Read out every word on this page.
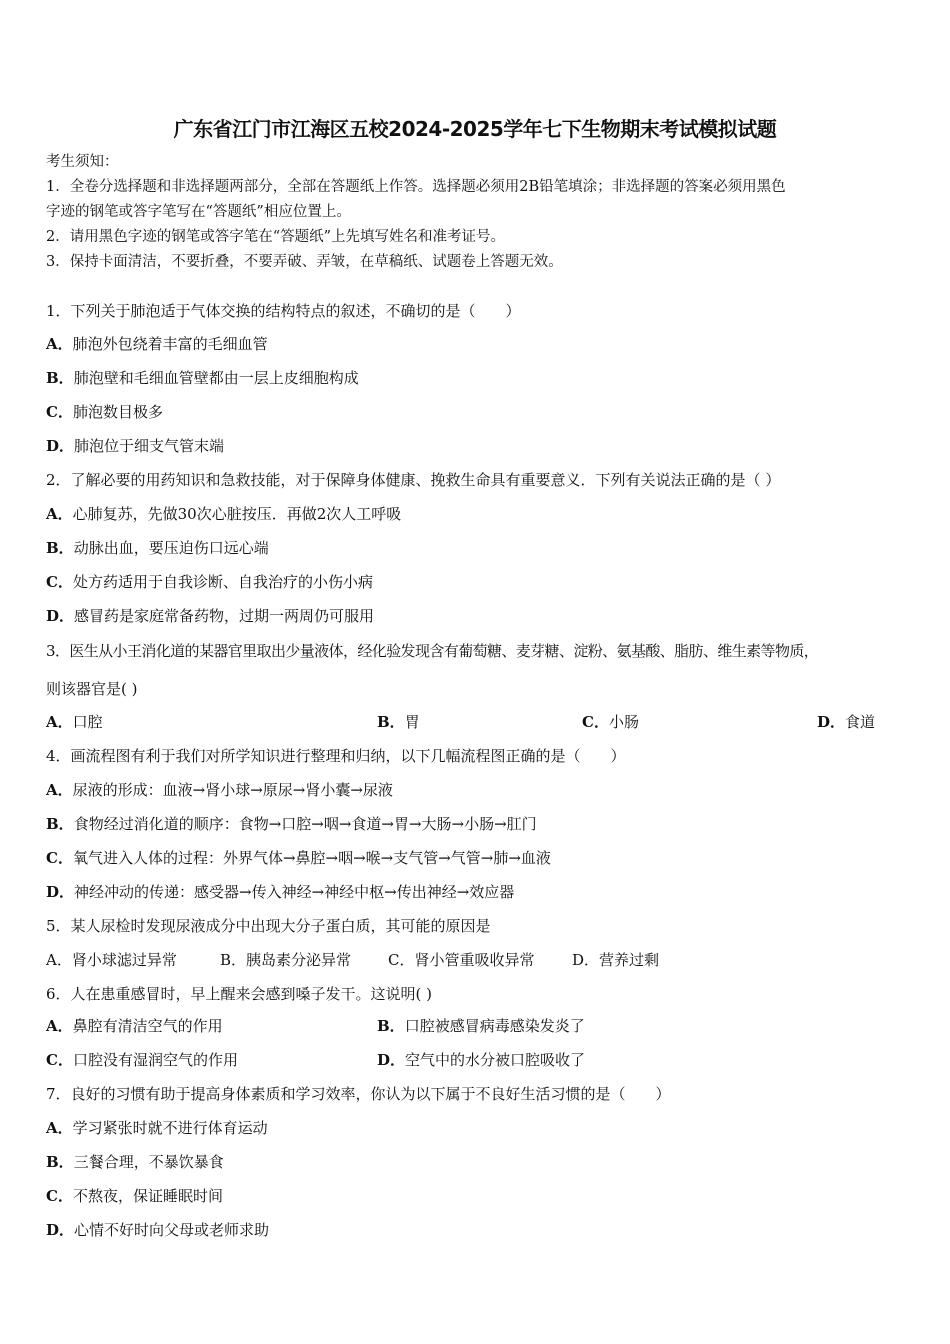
广东省江门市江海区五校2024-2025学年七下生物期末考试模拟试题
考生须知：
1．全卷分选择题和非选择题两部分，全部在答题纸上作答。选择题必须用2B铅笔填涂；非选择题的答案必须用黑色
字迹的钢笔或答字笔写在“答题纸”相应位置上。
2．请用黑色字迹的钢笔或答字笔在“答题纸”上先填写姓名和准考证号。
3．保持卡面清洁，不要折叠，不要弄破、弄皱，在草稿纸、试题卷上答题无效。
1．下列关于肺泡适于气体交换的结构特点的叙述，不确切的是（　　）
A．肺泡外包绕着丰富的毛细血管
B．肺泡壁和毛细血管壁都由一层上皮细胞构成
C．肺泡数目极多
D．肺泡位于细支气管末端
2．了解必要的用药知识和急救技能，对于保障身体健康、挽救生命具有重要意义．下列有关说法正确的是（ ）
A．心肺复苏，先做30次心脏按压．再做2次人工呼吸
B．动脉出血，要压迫伤口远心端
C．处方药适用于自我诊断、自我治疗的小伤小病
D．感冒药是家庭常备药物，过期一两周仍可服用
3．医生从小王消化道的某器官里取出少量液体，经化验发现含有葡萄糖、麦芽糖、淀粉、氨基酸、脂肪、维生素等物质，
则该器官是( )
A．口腔	B．胃	C．小肠	D．食道
4．画流程图有利于我们对所学知识进行整理和归纳，以下几幅流程图正确的是（　　）
A．尿液的形成：血液→肾小球→原尿→肾小囊→尿液
B．食物经过消化道的顺序：食物→口腔→咽→食道→胃→大肠→小肠→肛门
C．氧气进入人体的过程：外界气体→鼻腔→咽→喉→支气管→气管→肺→血液
D．神经冲动的传递：感受器→传入神经→神经中枢→传出神经→效应器
5．某人尿检时发现尿液成分中出现大分子蛋白质，其可能的原因是
A．肾小球滤过异常	B．胰岛素分泌异常 C．肾小管重吸收异常	D．营养过剩
6．人在患重感冒时，早上醒来会感到嗓子发干。这说明( )
A．鼻腔有清洁空气的作用	B．口腔被感冒病毒感染发炎了
C．口腔没有湿润空气的作用	D．空气中的水分被口腔吸收了
7．良好的习惯有助于提高身体素质和学习效率，你认为以下属于不良好生活习惯的是（　　）
A．学习紧张时就不进行体育运动
B．三餐合理，不暴饮暴食
C．不熬夜，保证睡眠时间
D．心情不好时向父母或老师求助
